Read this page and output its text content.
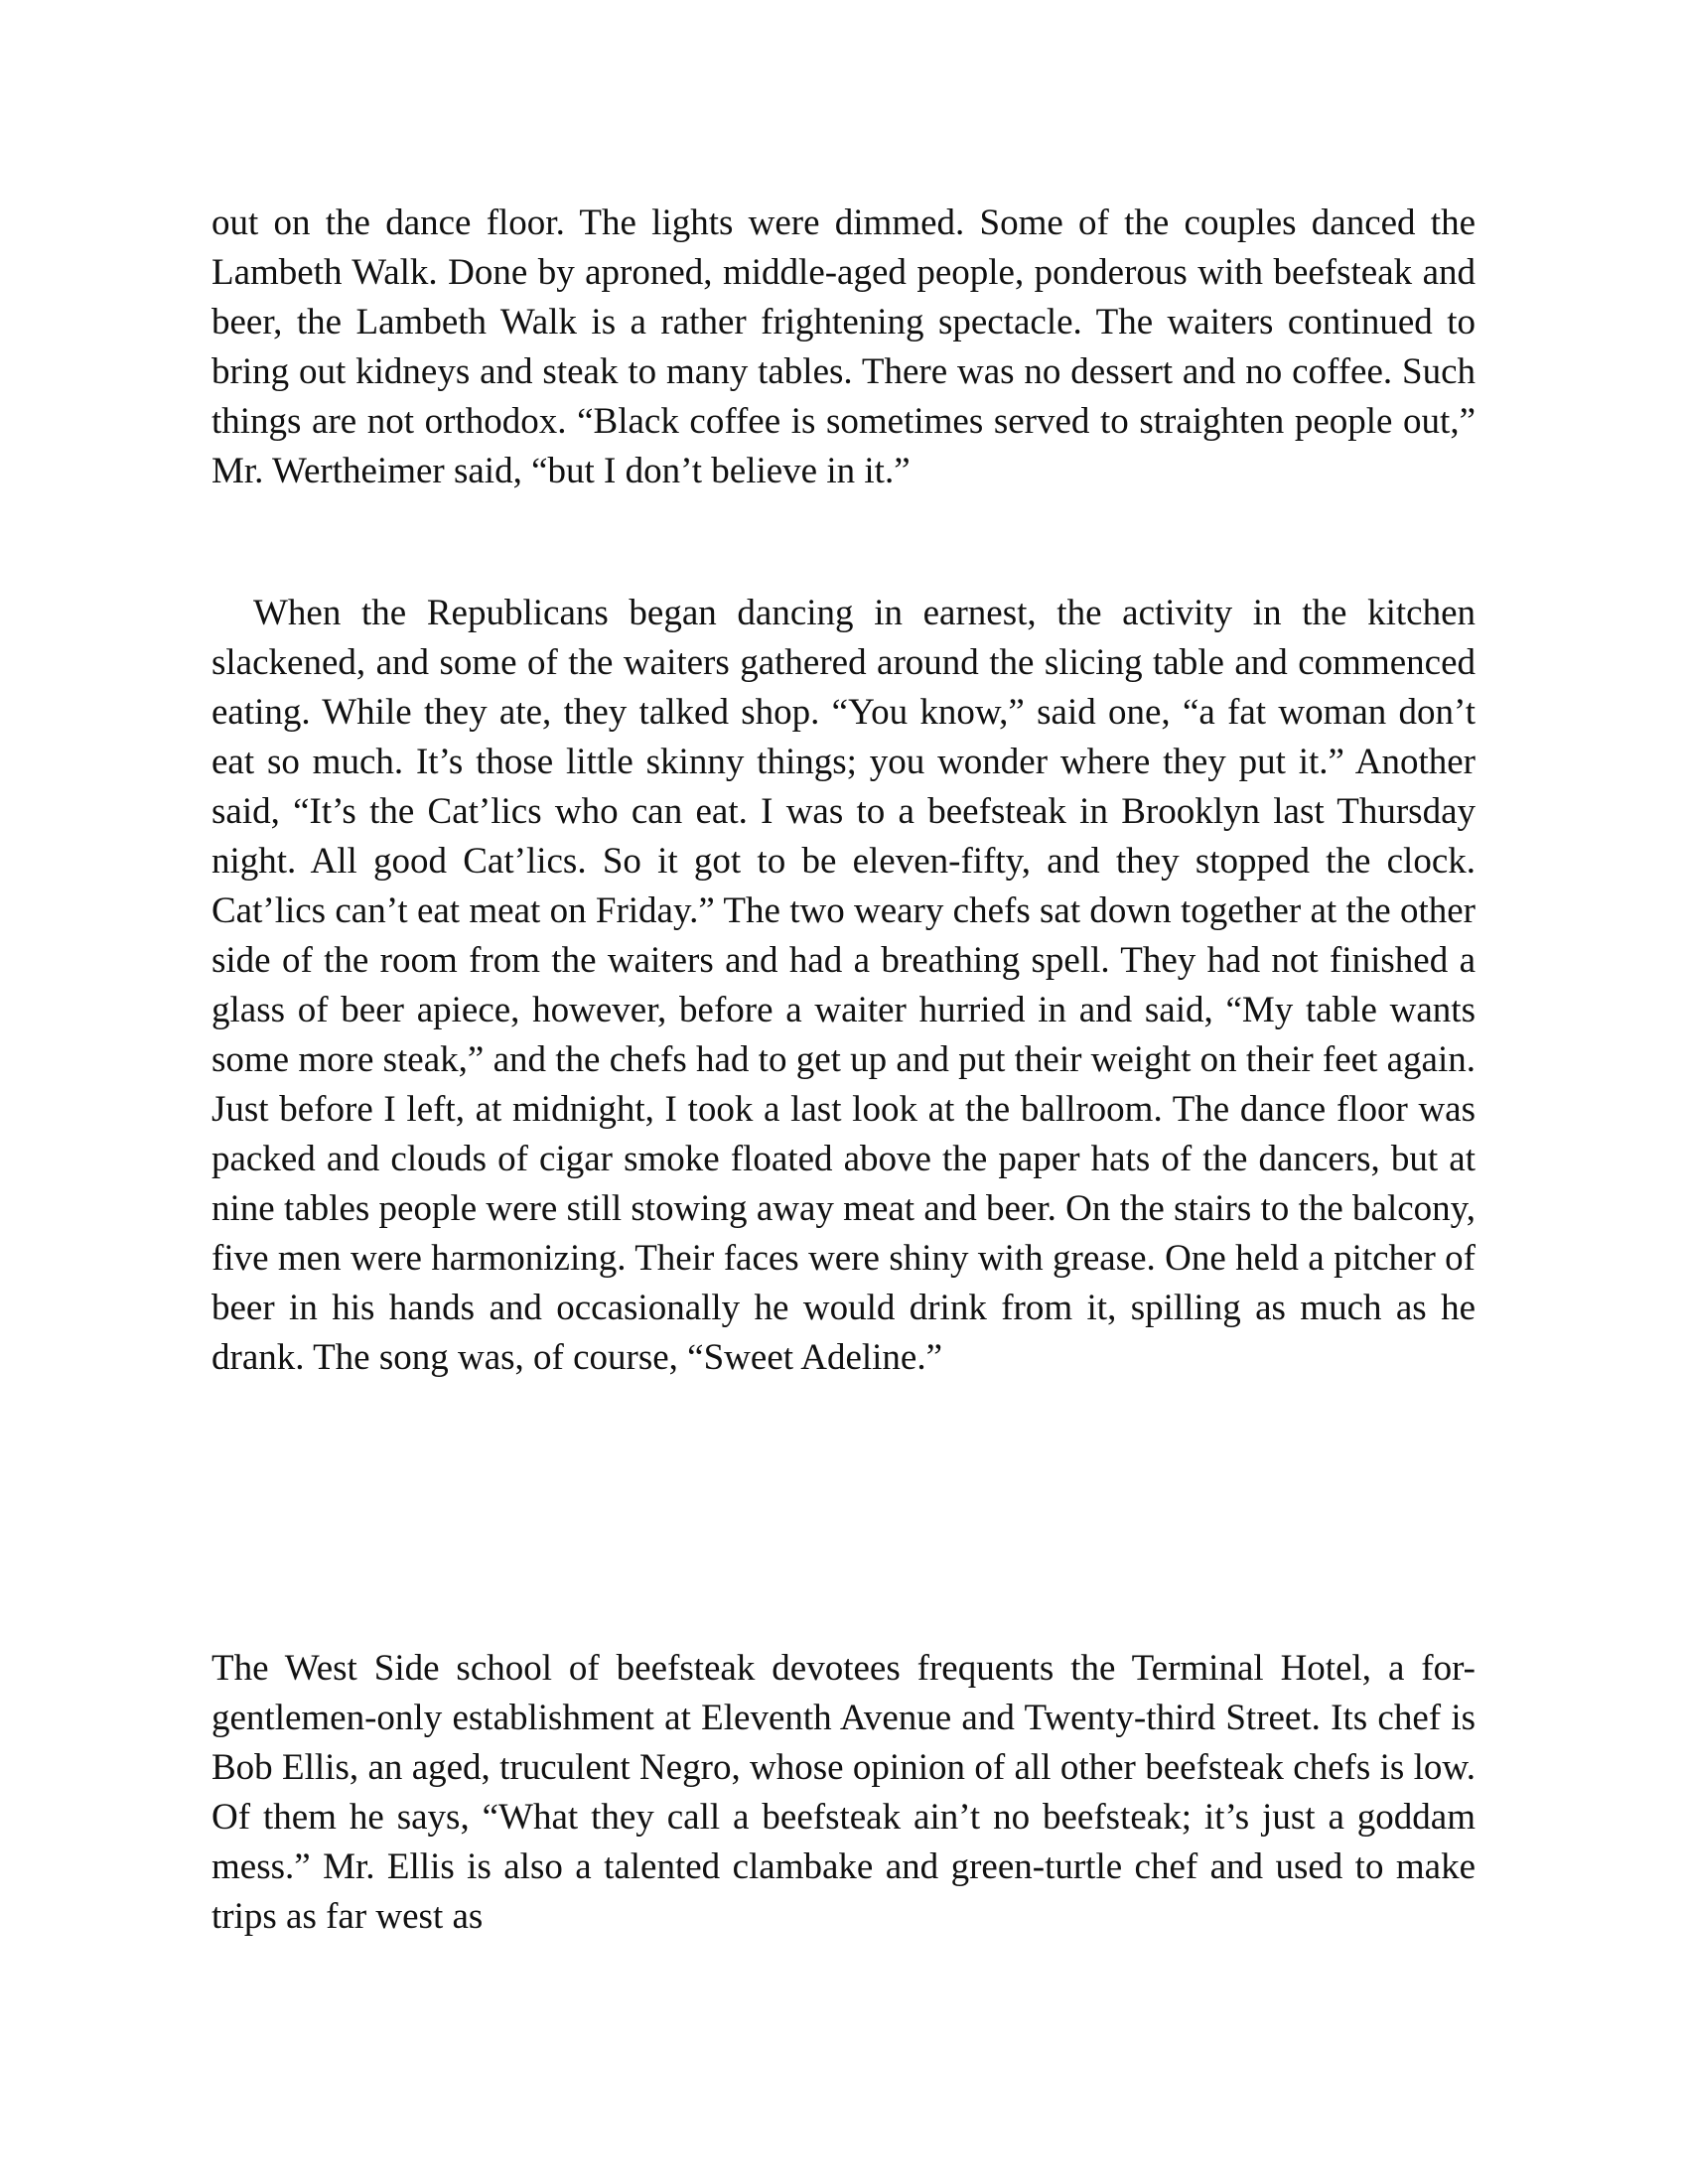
out on the dance floor. The lights were dimmed. Some of the couples danced the Lambeth Walk. Done by aproned, middle-aged people, ponderous with beefsteak and beer, the Lambeth Walk is a rather frightening spectacle. The waiters continued to bring out kidneys and steak to many tables. There was no dessert and no coffee. Such things are not orthodox. “Black coffee is sometimes served to straighten people out,” Mr. Wertheimer said, “but I don’t believe in it.”

When the Republicans began dancing in earnest, the activity in the kitchen slackened, and some of the waiters gathered around the slicing table and commenced eating. While they ate, they talked shop. “You know,” said one, “a fat woman don’t eat so much. It’s those little skinny things; you wonder where they put it.” Another said, “It’s the Cat’lics who can eat. I was to a beefsteak in Brooklyn last Thursday night. All good Cat’lics. So it got to be eleven-fifty, and they stopped the clock. Cat’lics can’t eat meat on Friday.” The two weary chefs sat down together at the other side of the room from the waiters and had a breathing spell. They had not finished a glass of beer apiece, however, before a waiter hurried in and said, “My table wants some more steak,” and the chefs had to get up and put their weight on their feet again. Just before I left, at midnight, I took a last look at the ballroom. The dance floor was packed and clouds of cigar smoke floated above the paper hats of the dancers, but at nine tables people were still stowing away meat and beer. On the stairs to the balcony, five men were harmonizing. Their faces were shiny with grease. One held a pitcher of beer in his hands and occasionally he would drink from it, spilling as much as he drank. The song was, of course, “Sweet Adeline.”

The West Side school of beefsteak devotees frequents the Terminal Hotel, a for-gentlemen-only establishment at Eleventh Avenue and Twenty-third Street. Its chef is Bob Ellis, an aged, truculent Negro, whose opinion of all other beefsteak chefs is low. Of them he says, “What they call a beefsteak ain’t no beefsteak; it’s just a goddam mess.” Mr. Ellis is also a talented clambake and green-turtle chef and used to make trips as far west as
